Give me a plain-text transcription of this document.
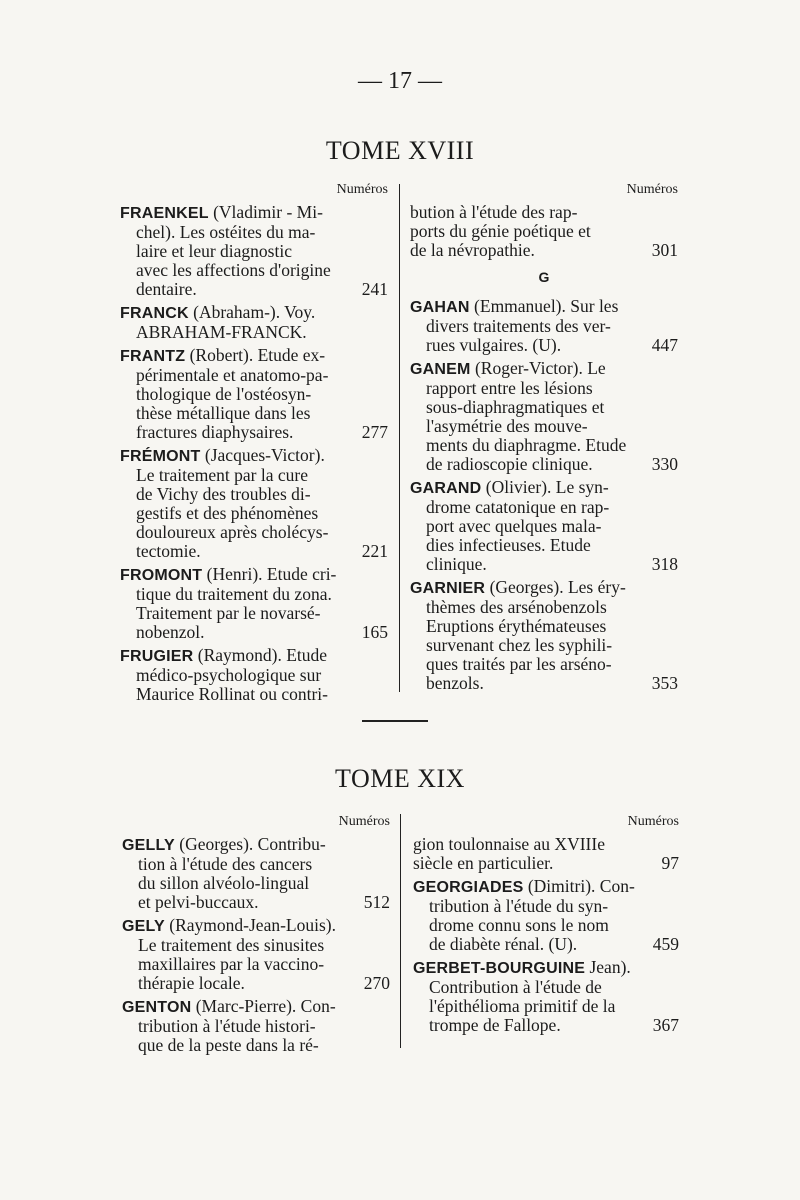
— 17 —
TOME XVIII
Numéros
FRAENKEL (Vladimir - Mi-
chel). Les ostéites du ma-
laire et leur diagnostic
avec les affections d'origine
dentaire.	241
FRANCK (Abraham-). Voy.
ABRAHAM-FRANCK.
FRANTZ (Robert). Etude ex-
périmentale et anatomo-pa-
thologique de l'ostéosyn-
thèse métallique dans les
fractures diaphysaires.	277
FRÉMONT (Jacques-Victor).
Le traitement par la cure
de Vichy des troubles di-
gestifs et des phénomènes
douloureux après cholécys-
tectomie.	221
FROMONT (Henri). Etude cri-
tique du traitement du zona.
Traitement par le novarsé-
nobenzol.	165
FRUGIER (Raymond). Etude
médico-psychologique sur
Maurice Rollinat ou contri-
Numéros
bution à l'étude des rap-
ports du génie poétique et
de la névropathie.	301
G
GAHAN (Emmanuel). Sur les
divers traitements des ver-
rues vulgaires. (U).	447
GANEM (Roger-Victor). Le
rapport entre les lésions
sous-diaphragmatiques et
l'asymétrie des mouve-
ments du diaphragme. Etude
de radioscopie clinique.	330
GARAND (Olivier). Le syn-
drome catatonique en rap-
port avec quelques mala-
dies infectieuses. Etude
clinique.	318
GARNIER (Georges). Les éry-
thèmes des arsénobenzols
Eruptions érythémateuses
survenant chez les syphili-
ques traités par les arséno-
benzols.	353
TOME XIX
Numéros
GELLY (Georges). Contribu-
tion à l'étude des cancers
du sillon alvéolo-lingual
et pelvi-buccaux.	512
GELY (Raymond-Jean-Louis).
Le traitement des sinusites
maxillaires par la vaccino-
thérapie locale.	270
GENTON (Marc-Pierre). Con-
tribution à l'étude histori-
que de la peste dans la ré-
Numéros
gion toulonnaise au XVIIIe
siècle en particulier.	97
GEORGIADES (Dimitri). Con-
tribution à l'étude du syn-
drome connu sons le nom
de diabète rénal. (U).	459
GERBET-BOURGUINE Jean).
Contribution à l'étude de
l'épithélioma primitif de la
trompe de Fallope.	367
